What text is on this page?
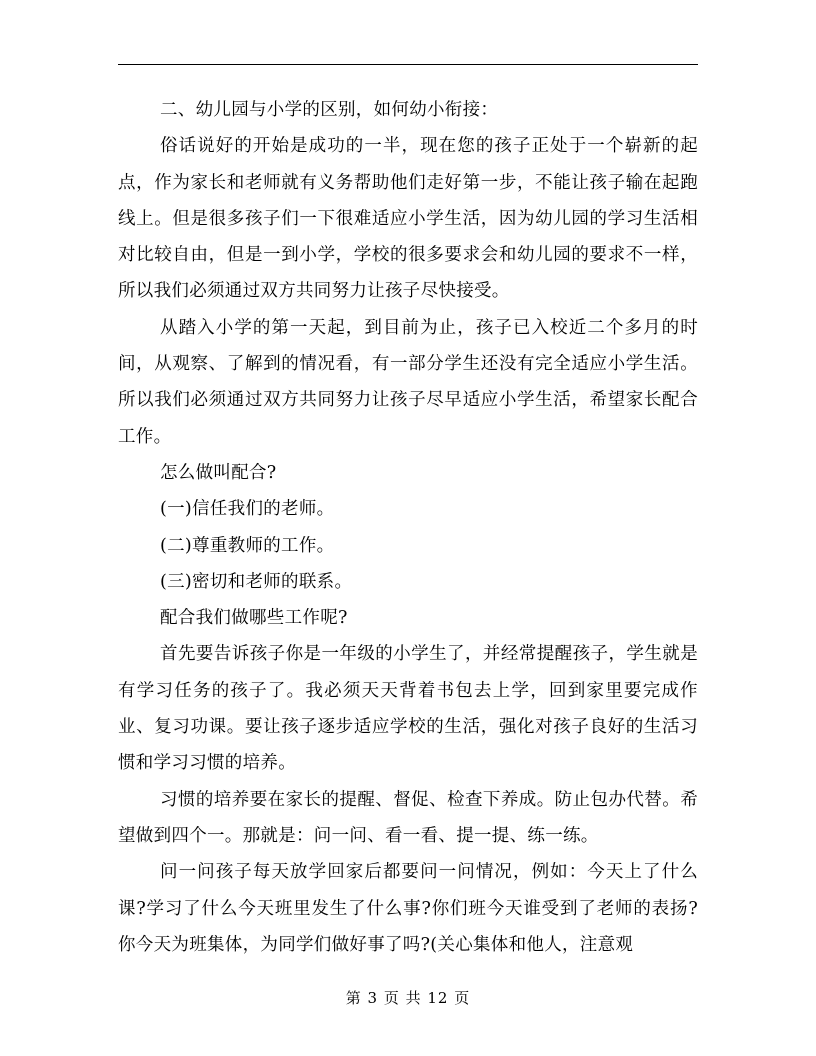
二、幼儿园与小学的区别，如何幼小衔接：

俗话说好的开始是成功的一半，现在您的孩子正处于一个崭新的起点，作为家长和老师就有义务帮助他们走好第一步，不能让孩子输在起跑线上。但是很多孩子们一下很难适应小学生活，因为幼儿园的学习生活相对比较自由，但是一到小学，学校的很多要求会和幼儿园的要求不一样，所以我们必须通过双方共同努力让孩子尽快接受。

从踏入小学的第一天起，到目前为止，孩子已入校近二个多月的时间，从观察、了解到的情况看，有一部分学生还没有完全适应小学生活。所以我们必须通过双方共同努力让孩子尽早适应小学生活，希望家长配合工作。

怎么做叫配合?

(一)信任我们的老师。

(二)尊重教师的工作。

(三)密切和老师的联系。

配合我们做哪些工作呢?

首先要告诉孩子你是一年级的小学生了，并经常提醒孩子，学生就是有学习任务的孩子了。我必须天天背着书包去上学，回到家里要完成作业、复习功课。要让孩子逐步适应学校的生活，强化对孩子良好的生活习惯和学习习惯的培养。

习惯的培养要在家长的提醒、督促、检查下养成。防止包办代替。希望做到四个一。那就是：问一问、看一看、提一提、练一练。

问一问孩子每天放学回家后都要问一问情况，例如：今天上了什么课?学习了什么今天班里发生了什么事?你们班今天谁受到了老师的表扬?你今天为班集体，为同学们做好事了吗?(关心集体和他人，注意观

第 3 页 共 12 页
